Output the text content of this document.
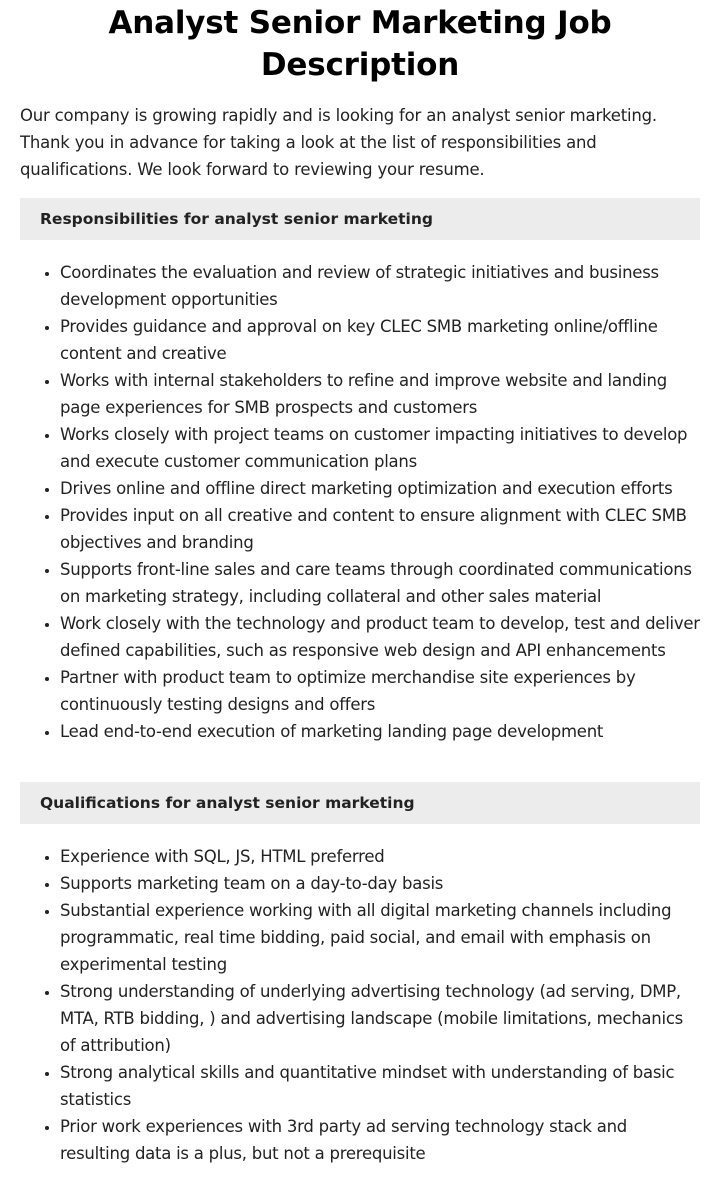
Analyst Senior Marketing Job Description

Our company is growing rapidly and is looking for an analyst senior marketing. Thank you in advance for taking a look at the list of responsibilities and qualifications. We look forward to reviewing your resume.

Responsibilities for analyst senior marketing
• Coordinates the evaluation and review of strategic initiatives and business development opportunities
• Provides guidance and approval on key CLEC SMB marketing online/offline content and creative
• Works with internal stakeholders to refine and improve website and landing page experiences for SMB prospects and customers
• Works closely with project teams on customer impacting initiatives to develop and execute customer communication plans
• Drives online and offline direct marketing optimization and execution efforts
• Provides input on all creative and content to ensure alignment with CLEC SMB objectives and branding
• Supports front-line sales and care teams through coordinated communications on marketing strategy, including collateral and other sales material
• Work closely with the technology and product team to develop, test and deliver defined capabilities, such as responsive web design and API enhancements
• Partner with product team to optimize merchandise site experiences by continuously testing designs and offers
• Lead end-to-end execution of marketing landing page development
Qualifications for analyst senior marketing
• Experience with SQL, JS, HTML preferred
• Supports marketing team on a day-to-day basis
• Substantial experience working with all digital marketing channels including programmatic, real time bidding, paid social, and email with emphasis on experimental testing
• Strong understanding of underlying advertising technology (ad serving, DMP, MTA, RTB bidding, ) and advertising landscape (mobile limitations, mechanics of attribution)
• Strong analytical skills and quantitative mindset with understanding of basic statistics
• Prior work experiences with 3rd party ad serving technology stack and resulting data is a plus, but not a prerequisite
